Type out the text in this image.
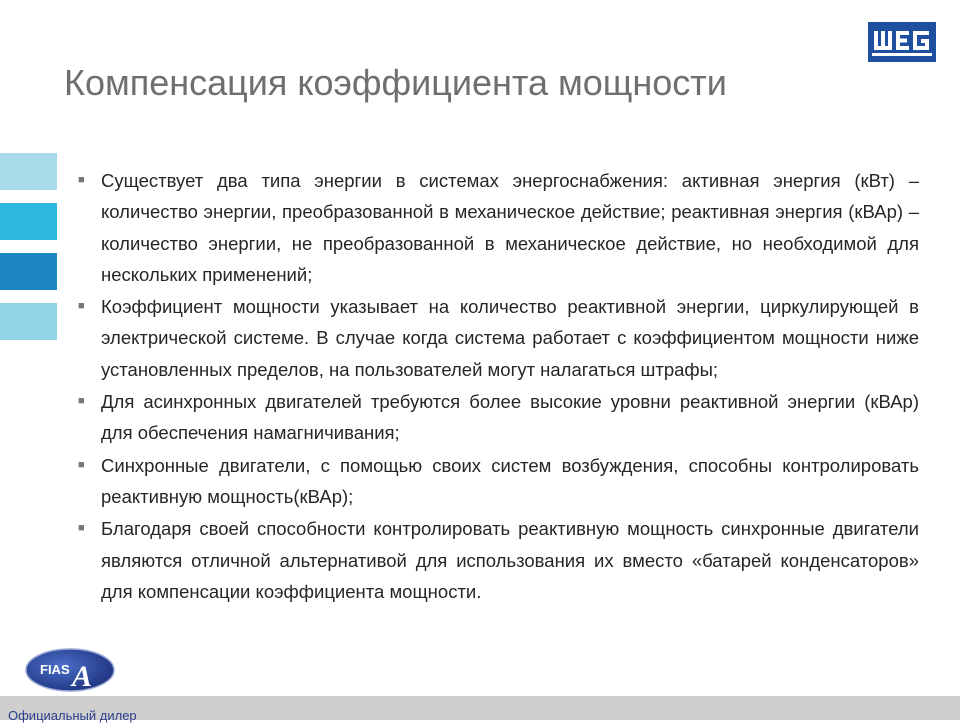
Компенсация коэффициента мощности
■ Существует два типа энергии в системах энергоснабжения: активная энергия (кВт) – количество энергии, преобразованной в механическое действие; реактивная энергия (кВАр) – количество энергии, не преобразованной в механическое действие, но необходимой для нескольких применений;
■ Коэффициент мощности указывает на количество реактивной энергии, циркулирующей в электрической системе. В случае когда система работает с коэффициентом мощности ниже установленных пределов, на пользователей могут налагаться штрафы;
■ Для асинхронных двигателей требуются более высокие уровни реактивной энергии (кВАр) для обеспечения намагничивания;
■ Синхронные двигатели, с помощью своих систем возбуждения, способны контролировать реактивную мощность(кВАр);
■ Благодаря своей способности контролировать реактивную мощность синхронные двигатели являются отличной альтернативой для использования их вместо «батарей конденсаторов» для компенсации коэффициента мощности.
FIAS A
Официальный дилер
